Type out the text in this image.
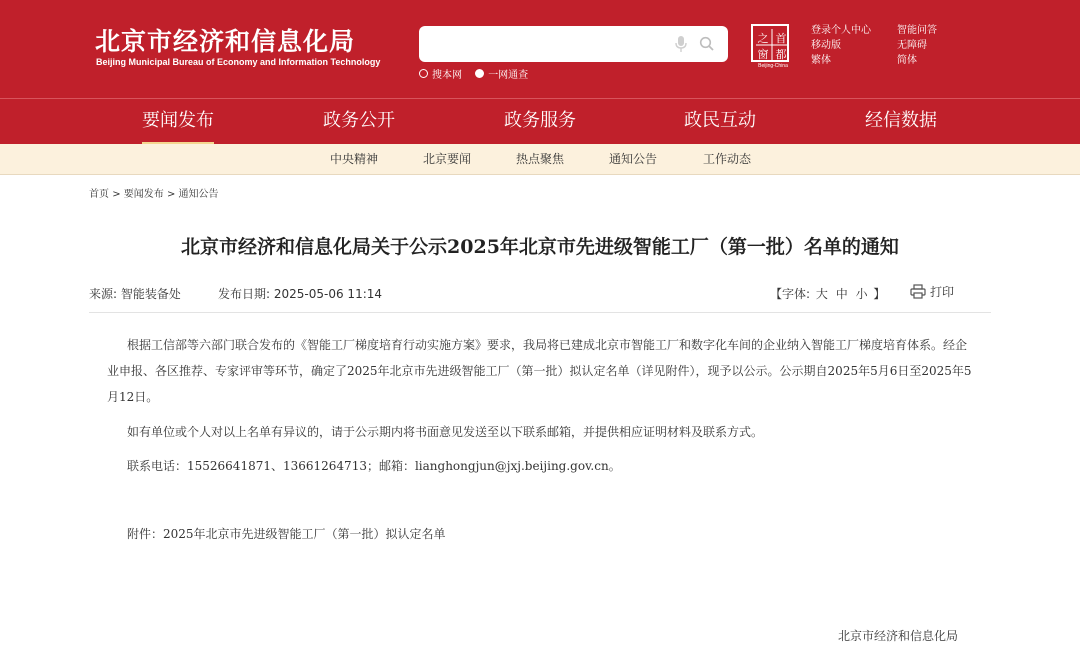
北京市经济和信息化局
Beijing Municipal Bureau of Economy and Information Technology
搜本网
	一网通查
之 首
窗 都
Beijing-China
登录个人中心
移动版
繁体
智能问答
无障碍
简体
要闻发布	政务公开	政务服务	政民互动	经信数据
中央精神	北京要闻	热点聚焦	通知公告	工作动态
首页 > 要闻发布 > 通知公告
北京市经济和信息化局关于公示2025年北京市先进级智能工厂（第一批）名单的通知
来源: 智能装备处	发布日期: 2025-05-06 11:14	【字体: 大 中 小 】	打印
根据工信部等六部门联合发布的《智能工厂梯度培育行动实施方案》要求，我局将已建成北京市智能工厂和数字化车间的企业纳入智能工厂梯度培育体系。经企业申报、各区推荐、专家评审等环节，确定了2025年北京市先进级智能工厂（第一批）拟认定名单（详见附件），现予以公示。公示期自2025年5月6日至2025年5月12日。
如有单位或个人对以上名单有异议的，请于公示期内将书面意见发送至以下联系邮箱，并提供相应证明材料及联系方式。
联系电话：15526641871、13661264713；邮箱：lianghongjun@jxj.beijing.gov.cn。
附件：2025年北京市先进级智能工厂（第一批）拟认定名单
北京市经济和信息化局
